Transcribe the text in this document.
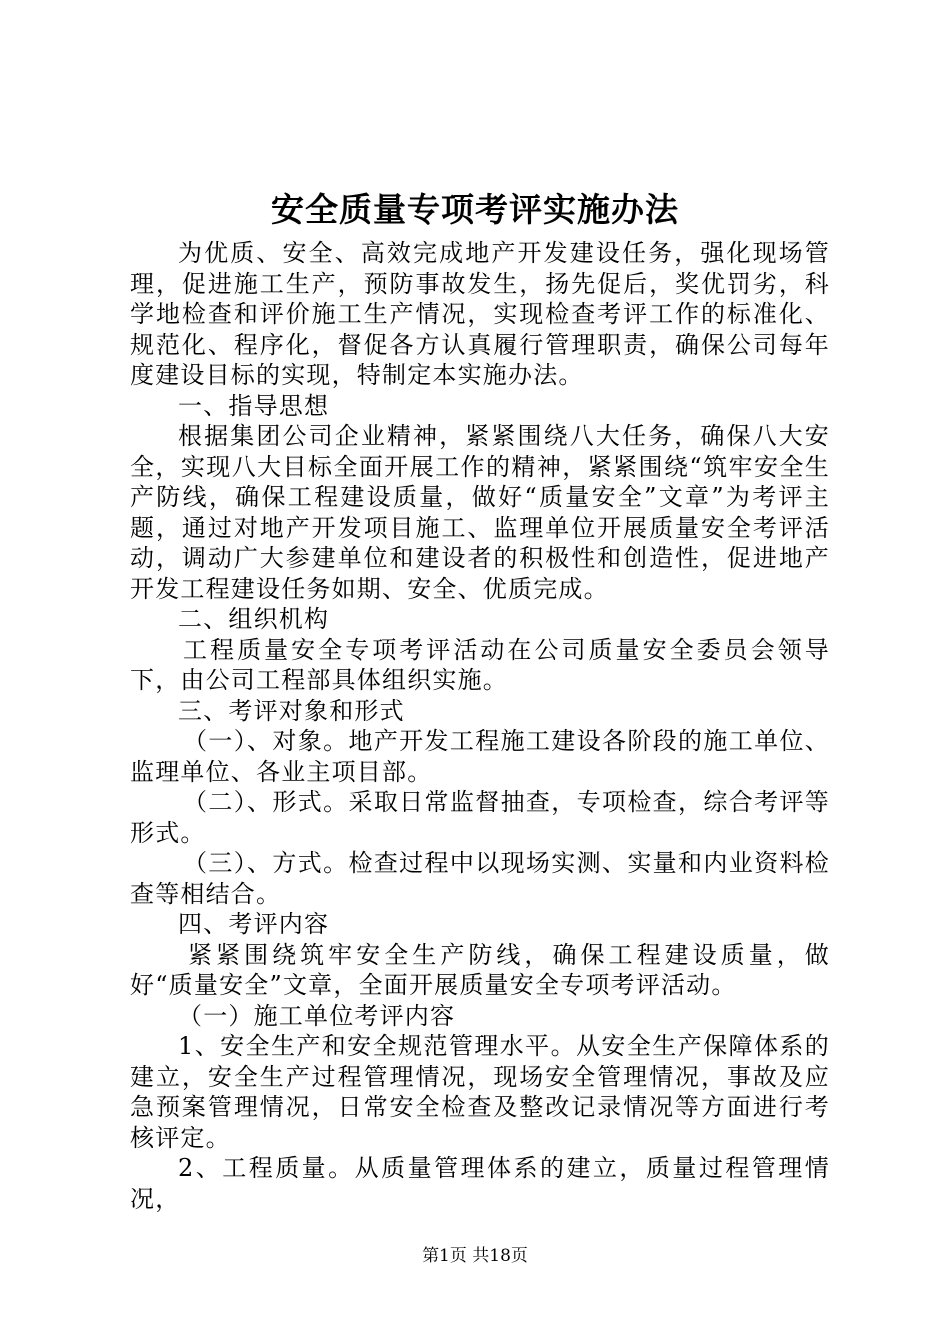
安全质量专项考评实施办法

为优质、安全、高效完成地产开发建设任务，强化现场管理，促进施工生产，预防事故发生，扬先促后，奖优罚劣，科学地检查和评价施工生产情况，实现检查考评工作的标准化、规范化、程序化，督促各方认真履行管理职责，确保公司每年度建设目标的实现，特制定本实施办法。

一、指导思想

根据集团公司企业精神，紧紧围绕八大任务，确保八大安全，实现八大目标全面开展工作的精神，紧紧围绕“筑牢安全生产防线，确保工程建设质量，做好“质量安全”文章”为考评主题，通过对地产开发项目施工、监理单位开展质量安全考评活动，调动广大参建单位和建设者的积极性和创造性，促进地产开发工程建设任务如期、安全、优质完成。

二、组织机构

工程质量安全专项考评活动在公司质量安全委员会领导下，由公司工程部具体组织实施。

三、考评对象和形式

（一）、对象。地产开发工程施工建设各阶段的施工单位、监理单位、各业主项目部。

（二）、形式。采取日常监督抽查，专项检查，综合考评等形式。

（三）、方式。检查过程中以现场实测、实量和内业资料检查等相结合。

四、考评内容

紧紧围绕筑牢安全生产防线，确保工程建设质量，做好“质量安全”文章，全面开展质量安全专项考评活动。

（一）施工单位考评内容

1、安全生产和安全规范管理水平。从安全生产保障体系的建立，安全生产过程管理情况，现场安全管理情况，事故及应急预案管理情况，日常安全检查及整改记录情况等方面进行考核评定。

2、工程质量。从质量管理体系的建立，质量过程管理情况，

第1页 共18页
